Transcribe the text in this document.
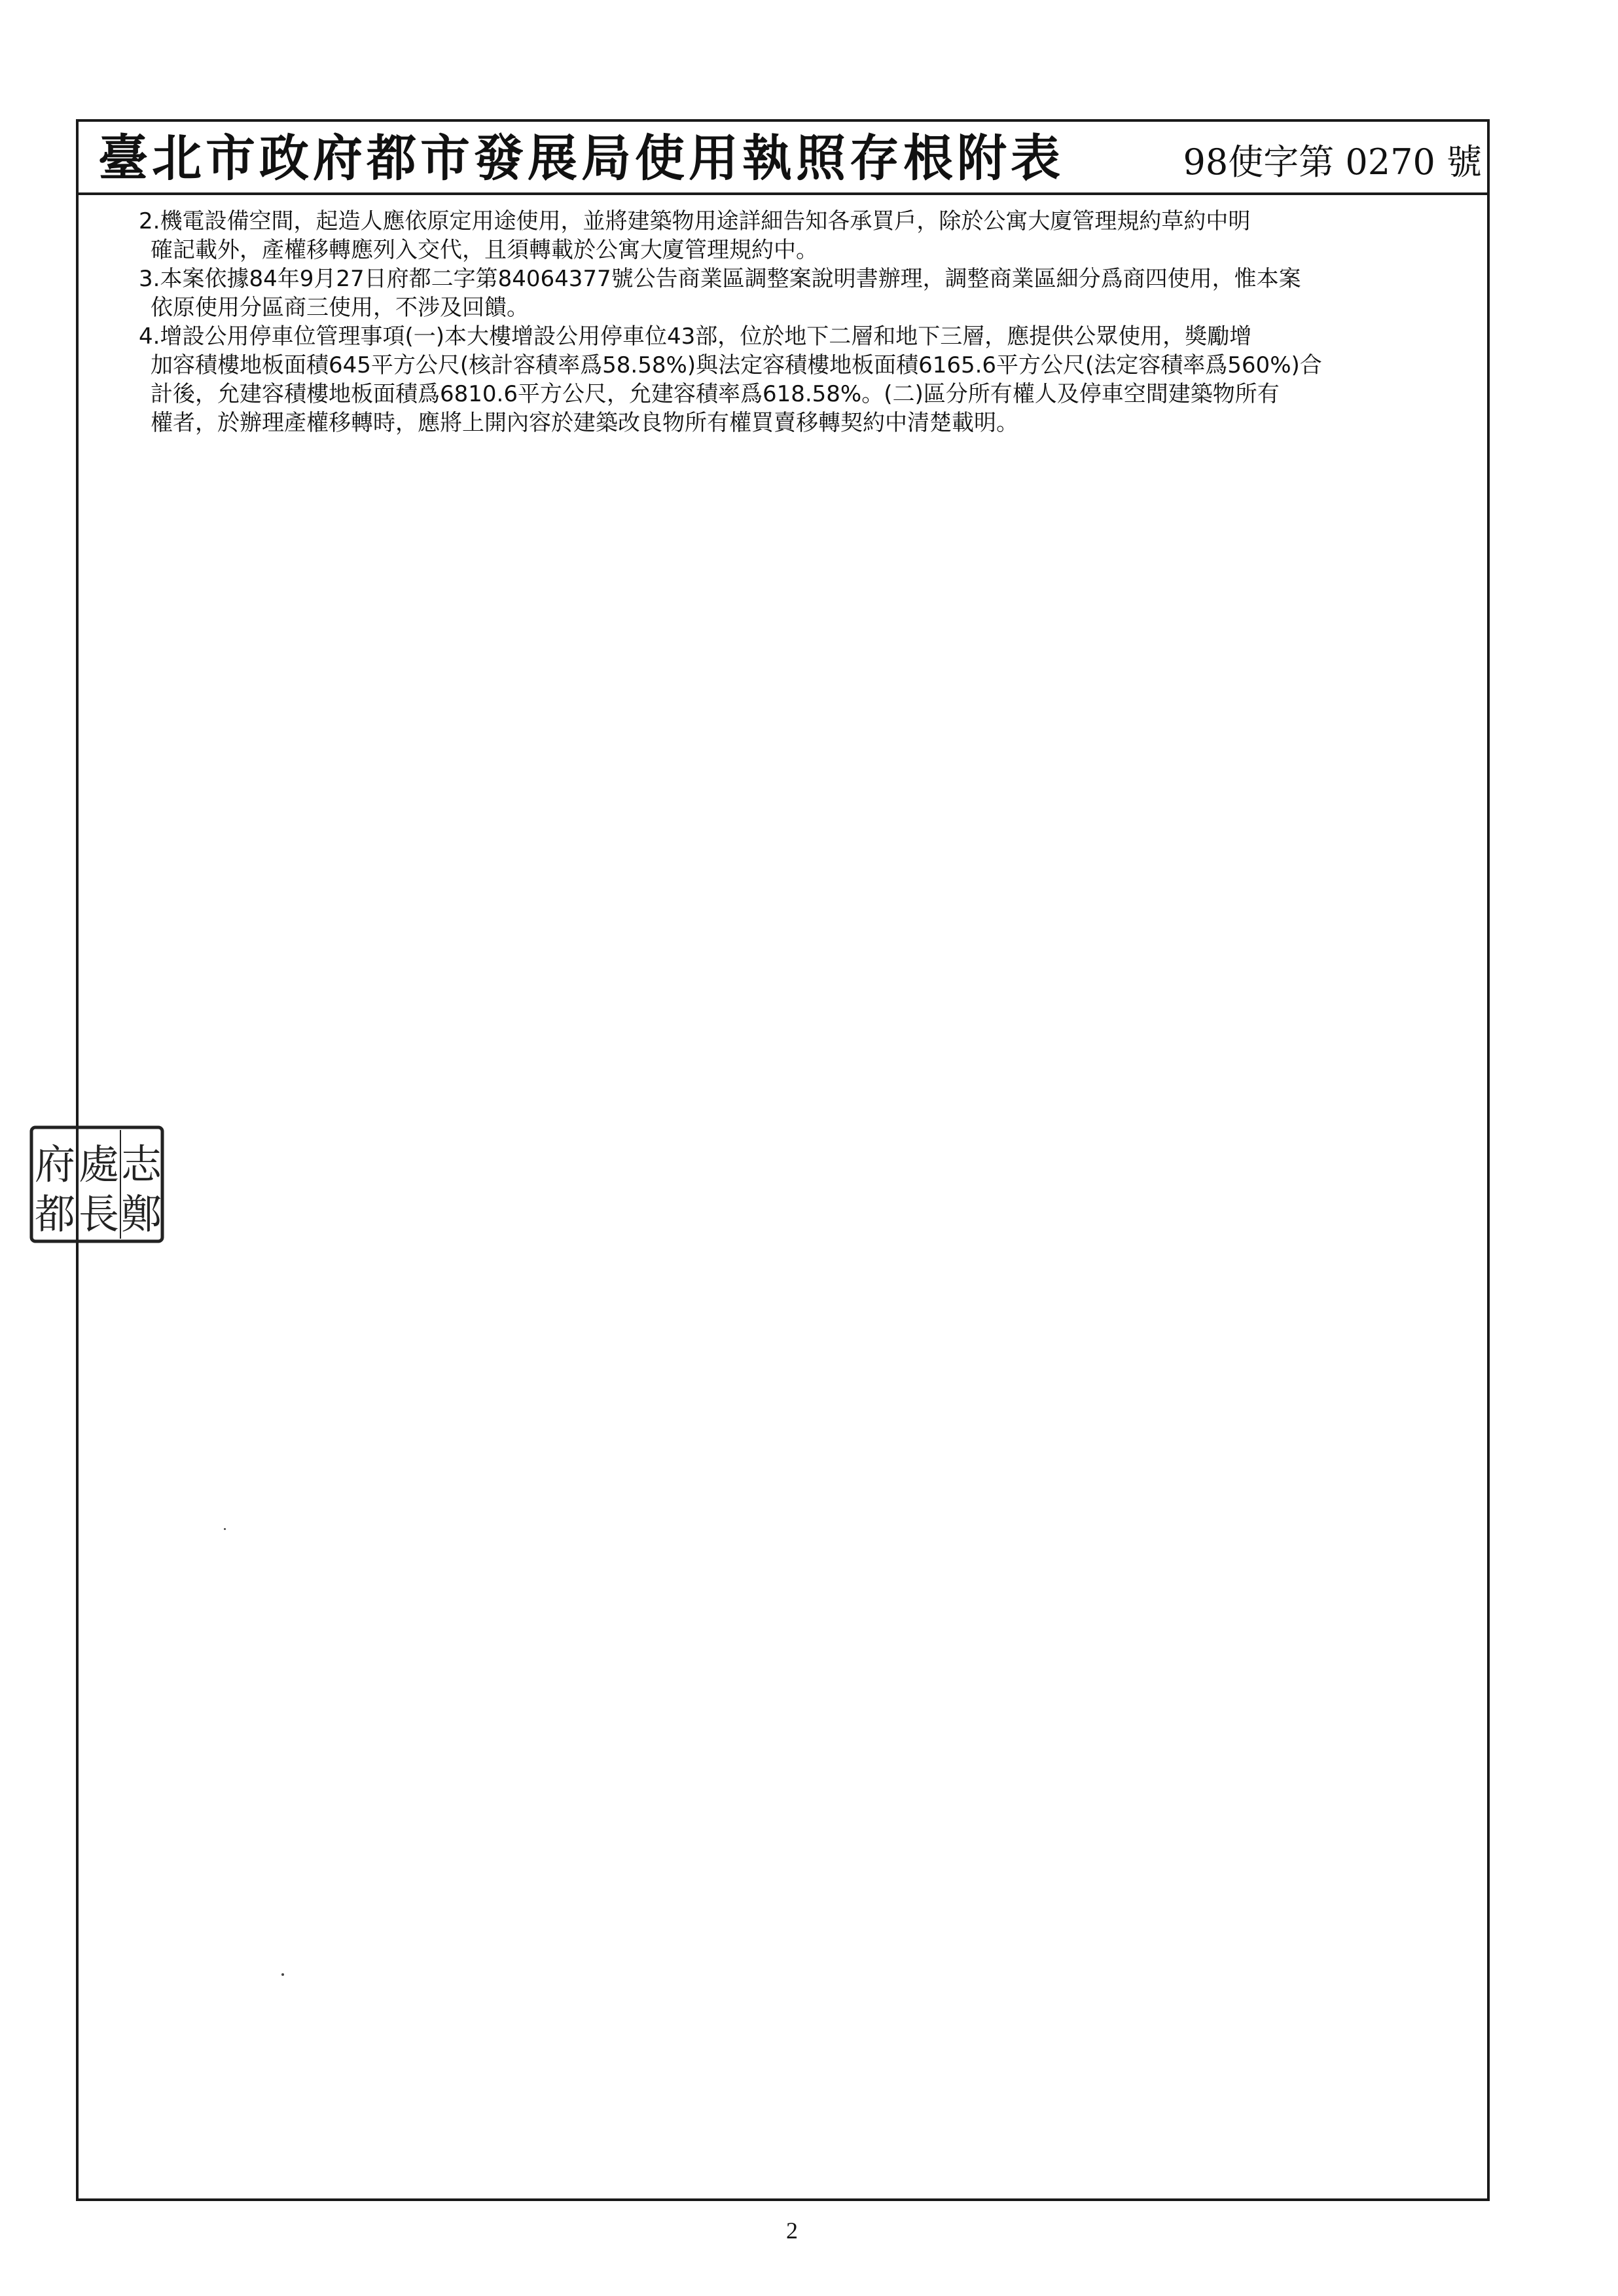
臺北市政府都市發展局使用執照存根附表	98使字第 0270 號
2.機電設備空間，起造人應依原定用途使用，並將建築物用途詳細告知各承買戶，除於公寓大廈管理規約草約中明
確記載外，產權移轉應列入交代，且須轉載於公寓大廈管理規約中。
3.本案依據84年9月27日府都二字第84064377號公告商業區調整案說明書辦理，調整商業區細分爲商四使用，惟本案
依原使用分區商三使用，不涉及回饋。
4.增設公用停車位管理事項(一)本大樓增設公用停車位43部，位於地下二層和地下三層，應提供公眾使用，獎勵增
加容積樓地板面積645平方公尺(核計容積率爲58.58%)與法定容積樓地板面積6165.6平方公尺(法定容積率爲560%)合
計後，允建容積樓地板面積爲6810.6平方公尺，允建容積率爲618.58%。(二)區分所有權人及停車空間建築物所有
權者，於辦理產權移轉時，應將上開內容於建築改良物所有權買賣移轉契約中清楚載明。
志
鄭
處
長
府
都
2
